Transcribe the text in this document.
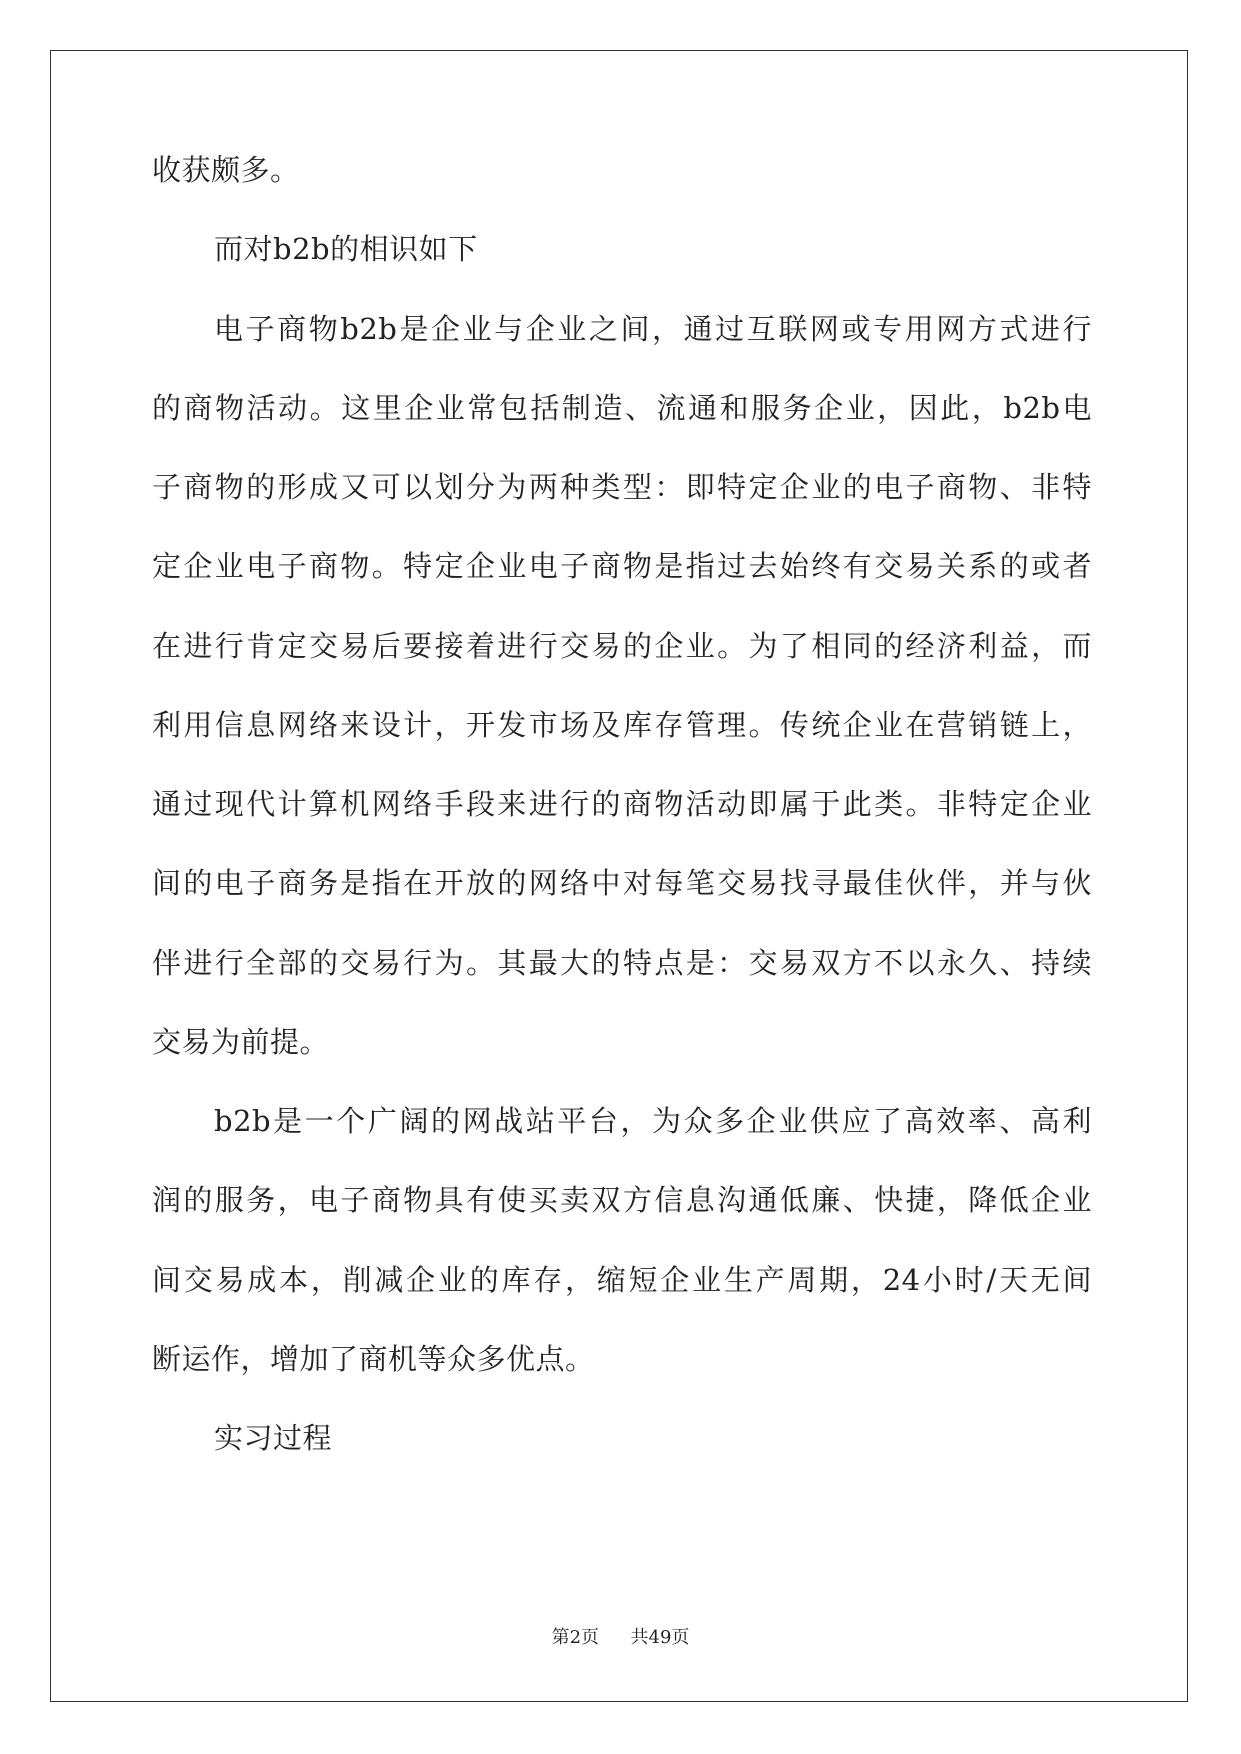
收获颇多。
而对b2b的相识如下
电子商物b2b是企业与企业之间，通过互联网或专用网方式进行
的商物活动。这里企业常包括制造、流通和服务企业，因此，b2b电
子商物的形成又可以划分为两种类型：即特定企业的电子商物、非特
定企业电子商物。特定企业电子商物是指过去始终有交易关系的或者
在进行肯定交易后要接着进行交易的企业。为了相同的经济利益，而
利用信息网络来设计，开发市场及库存管理。传统企业在营销链上，
通过现代计算机网络手段来进行的商物活动即属于此类。非特定企业
间的电子商务是指在开放的网络中对每笔交易找寻最佳伙伴，并与伙
伴进行全部的交易行为。其最大的特点是：交易双方不以永久、持续
交易为前提。
b2b是一个广阔的网战站平台，为众多企业供应了高效率、高利
润的服务，电子商物具有使买卖双方信息沟通低廉、快捷，降低企业
间交易成本，削减企业的库存，缩短企业生产周期，24小时/天无间
断运作，增加了商机等众多优点。
实习过程
第2页 共49页
